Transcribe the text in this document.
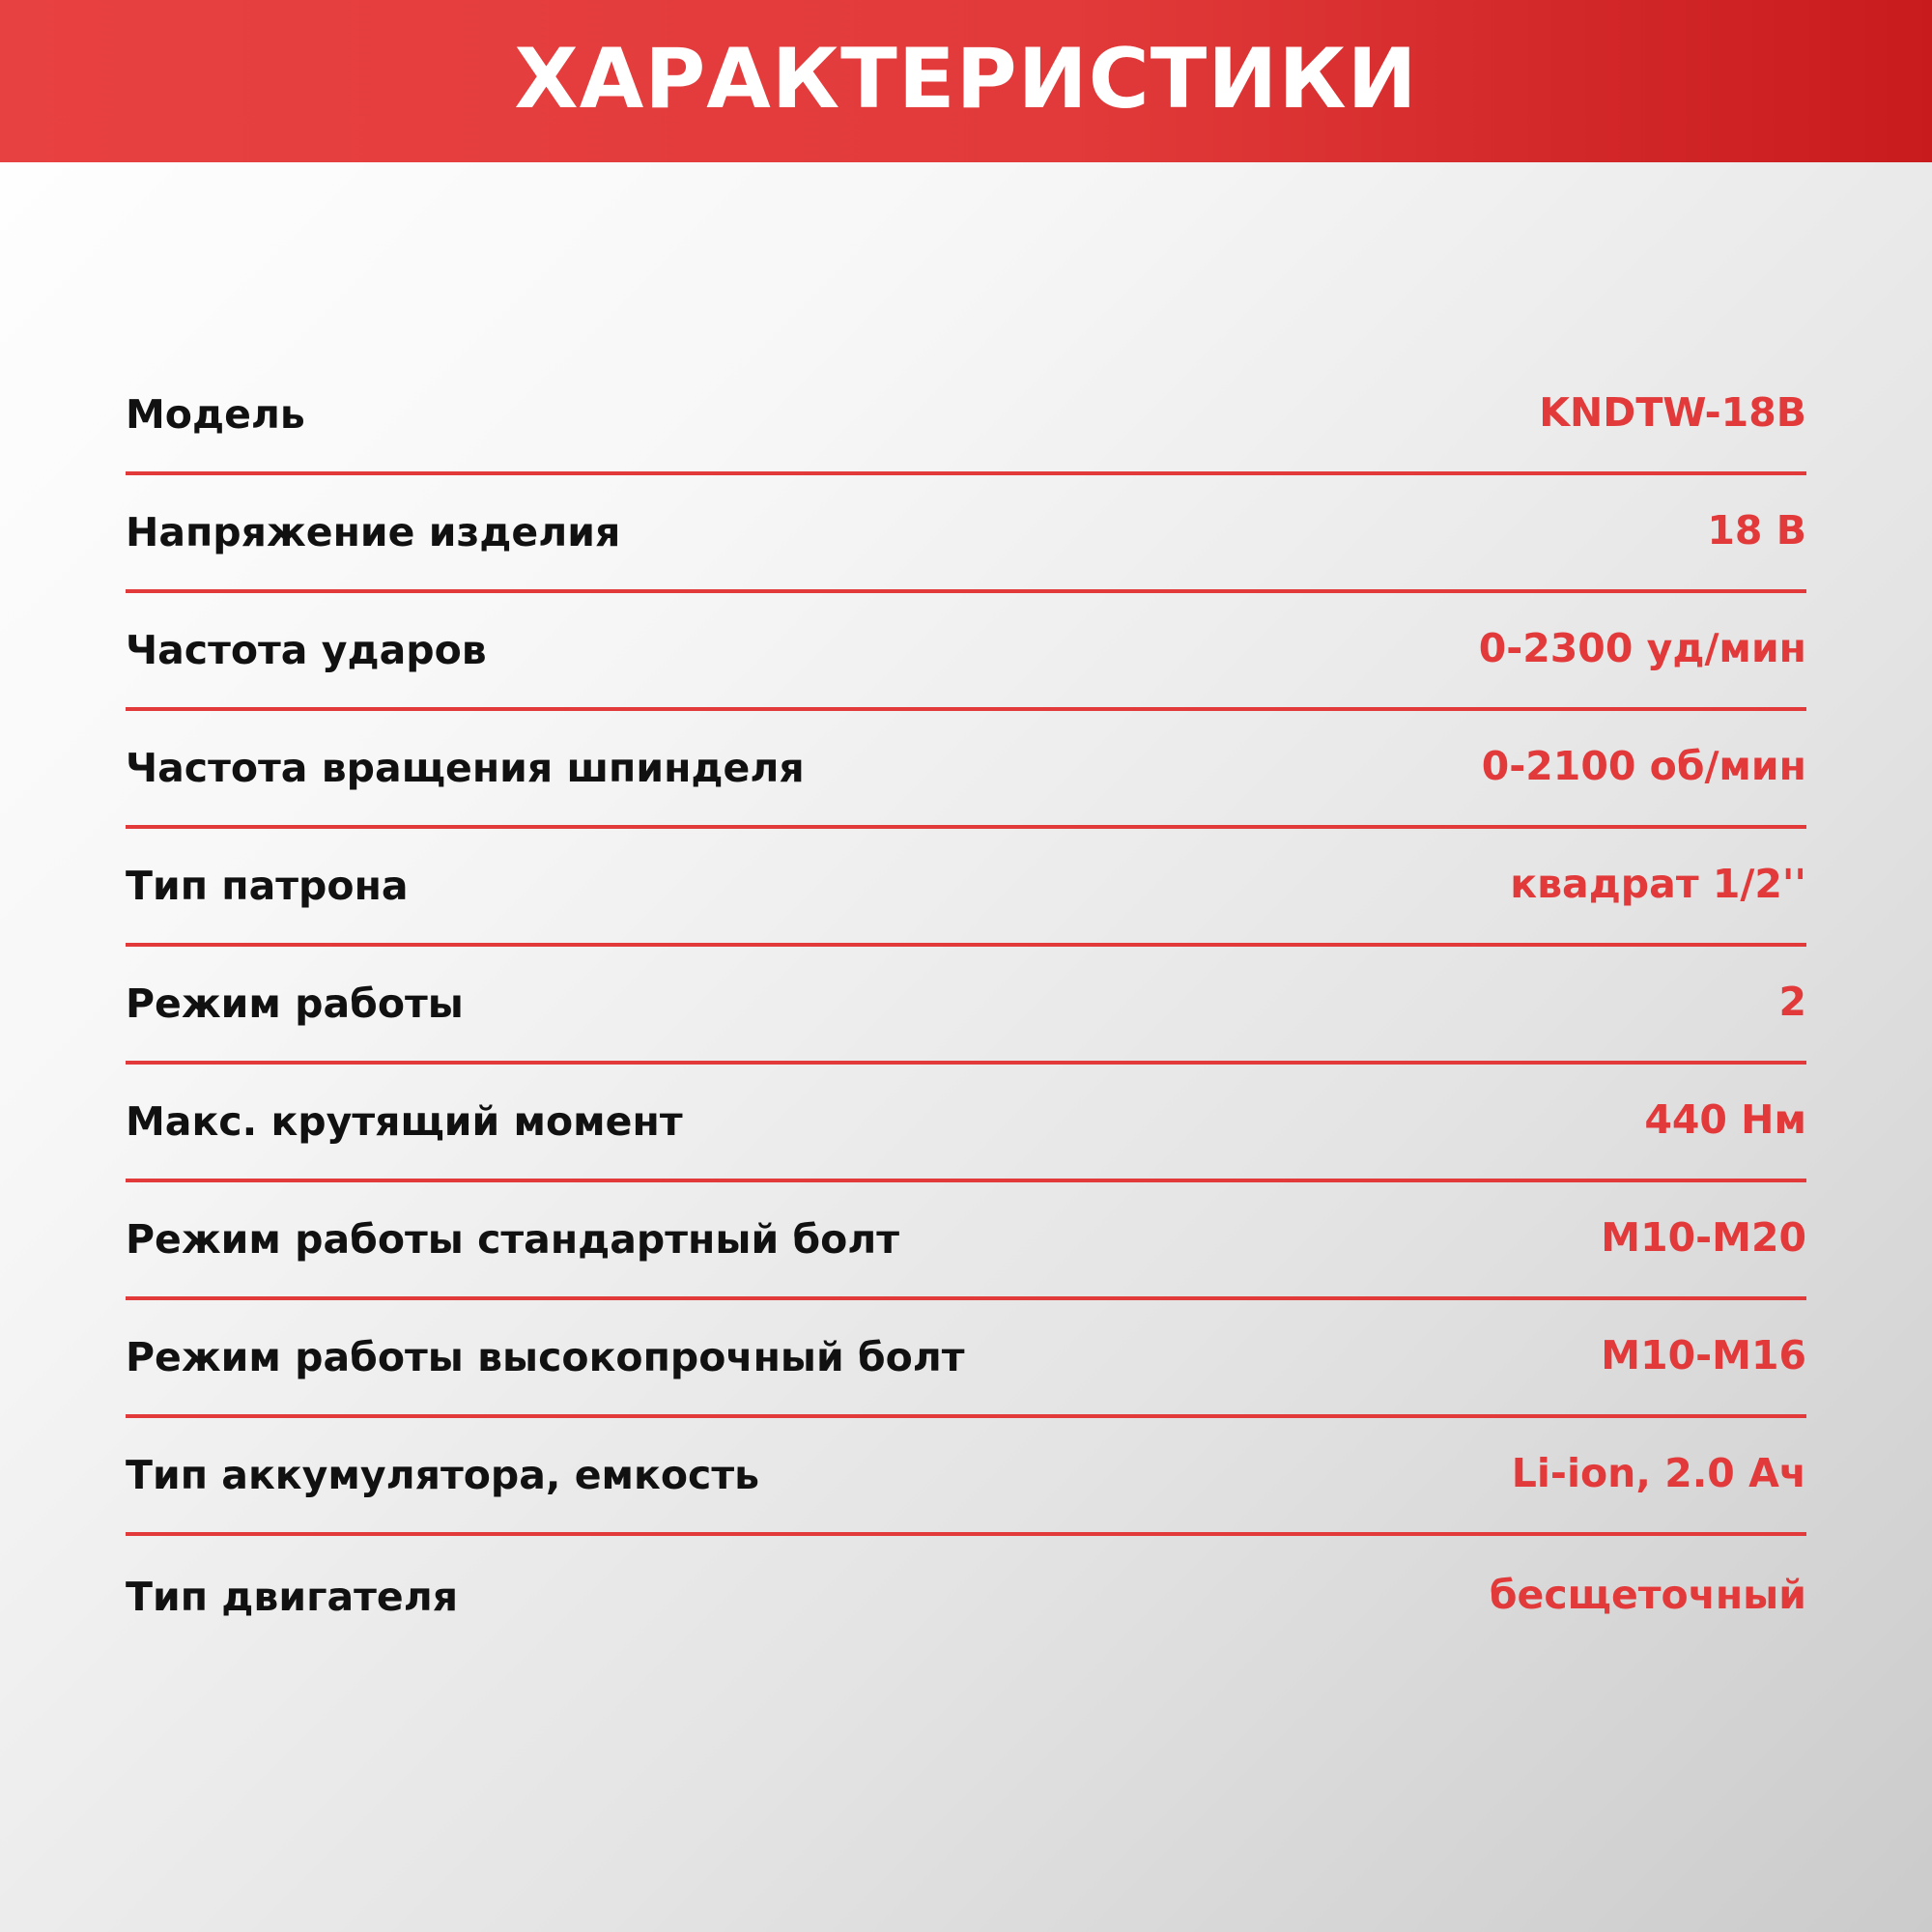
ХАРАКТЕРИСТИКИ
Модель	KNDTW-18B
Напряжение изделия	18 В
Частота ударов	0-2300 уд/мин
Частота вращения шпинделя	0-2100 об/мин
Тип патрона	квадрат 1/2''
Режим работы	2
Макс. крутящий момент	440 Нм
Режим работы стандартный болт	M10-M20
Режим работы высокопрочный болт	M10-M16
Тип аккумулятора, емкость	Li-ion, 2.0 Ач
Тип двигателя	бесщеточный
